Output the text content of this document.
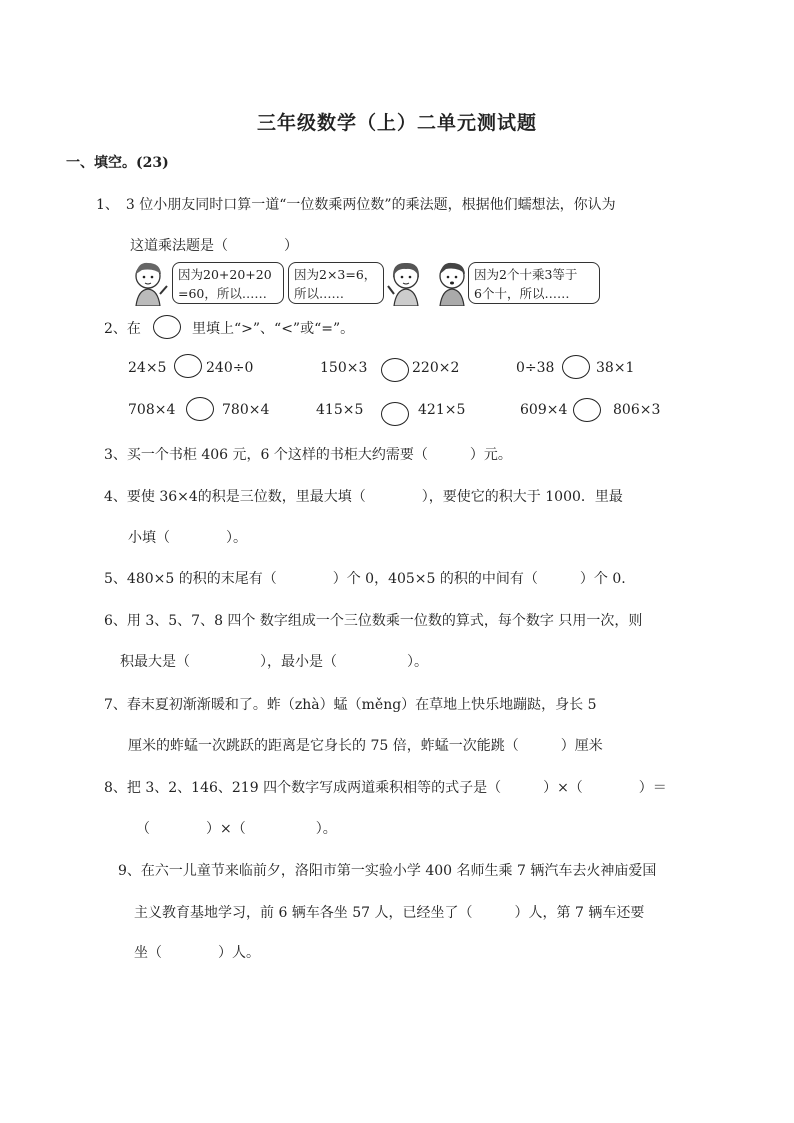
三年级数学（上）二单元测试题
一、填空。(23)
1、　3 位小朋友同时口算一道“一位数乘两位数”的乘法题，根据他们蠕想法，你认为
这道乘法题是（　　　　）
因为20+20+20
=60，所以……
因为2×3=6，
所以……
因为2个十乘3等于
6个十，所以……
2、在	里填上“>”、“<”或“=”。
24×5	240÷0	150×3	220×2	0÷38	38×1
708×4	780×4	415×5	421×5	609×4	806×3
3、买一个书柜 406 元，6 个这样的书柜大约需要（　　　）元。
4、要使 36×4的积是三位数，里最大填（　　　　），要使它的积大于 1000．里最
小填（　　　　）。
5、480×5 的积的末尾有（　　　　）个 0，405×5 的积的中间有（　　　）个 0.
6、用 3、5、7、8 四个 数字组成一个三位数乘一位数的算式，每个数字 只用一次，则
积最大是（　　　　　），最小是（　　　　　）。
7、春末夏初渐渐暖和了。蚱（zhà）蜢（měng）在草地上快乐地蹦跶，身长 5
厘米的蚱蜢一次跳跃的距离是它身长的 75 倍，蚱蜢一次能跳（　　　）厘米
8、把 3、2、146、219 四个数字写成两道乘积相等的式子是（　　　）×（　　　　）＝
（　　　　）×（　　　　　）。
9、在六一儿童节来临前夕，洛阳市第一实验小学 400 名师生乘 7 辆汽车去火神庙爱国
主义教育基地学习，前 6 辆车各坐 57 人，已经坐了（　　　）人，第 7 辆车还要
坐（　　　　）人。
